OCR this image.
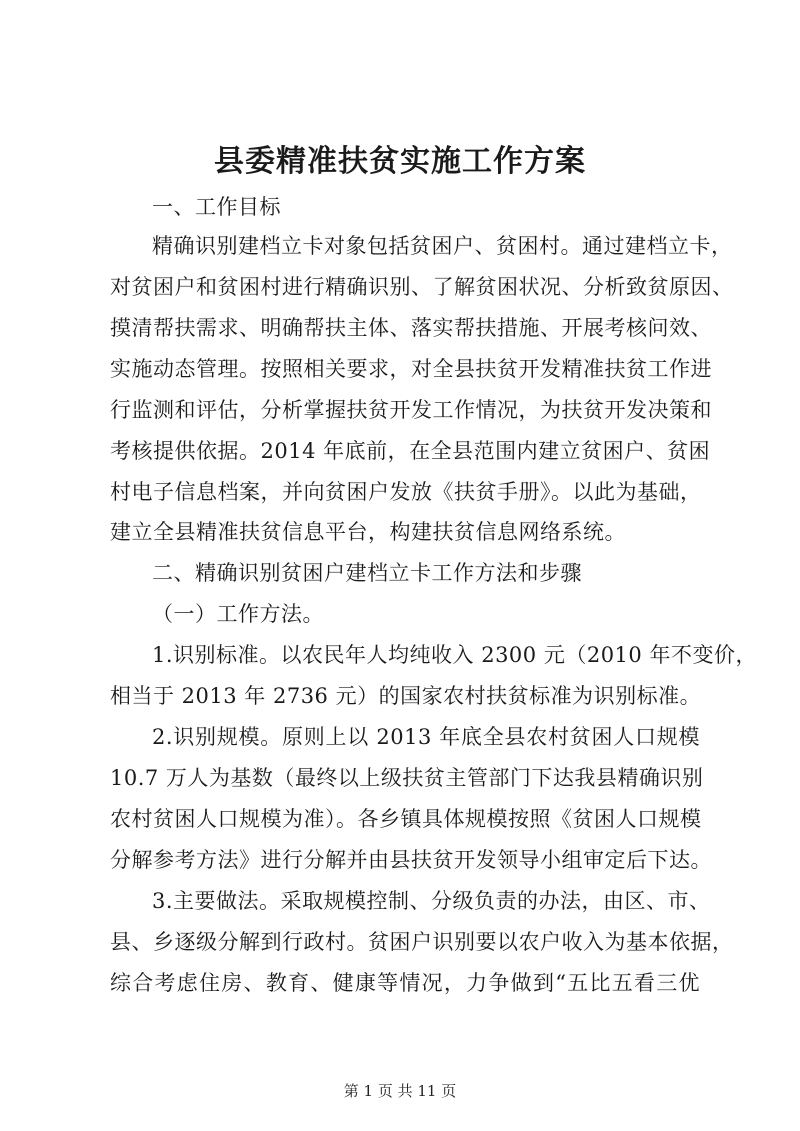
县委精准扶贫实施工作方案
一、工作目标
精确识别建档立卡对象包括贫困户、贫困村。通过建档立卡，
对贫困户和贫困村进行精确识别、了解贫困状况、分析致贫原因、
摸清帮扶需求、明确帮扶主体、落实帮扶措施、开展考核问效、
实施动态管理。按照相关要求，对全县扶贫开发精准扶贫工作进
行监测和评估，分析掌握扶贫开发工作情况，为扶贫开发决策和
考核提供依据。2014 年底前，在全县范围内建立贫困户、贫困
村电子信息档案，并向贫困户发放《扶贫手册》。以此为基础，
建立全县精准扶贫信息平台，构建扶贫信息网络系统。
二、精确识别贫困户建档立卡工作方法和步骤
（一）工作方法。
1.识别标准。以农民年人均纯收入 2300 元（2010 年不变价，
相当于 2013 年 2736 元）的国家农村扶贫标准为识别标准。
2.识别规模。原则上以 2013 年底全县农村贫困人口规模
10.7 万人为基数（最终以上级扶贫主管部门下达我县精确识别
农村贫困人口规模为准）。各乡镇具体规模按照《贫困人口规模
分解参考方法》进行分解并由县扶贫开发领导小组审定后下达。
3.主要做法。采取规模控制、分级负责的办法，由区、市、
县、乡逐级分解到行政村。贫困户识别要以农户收入为基本依据，
综合考虑住房、教育、健康等情况，力争做到“五比五看三优
第 1 页 共 11 页
